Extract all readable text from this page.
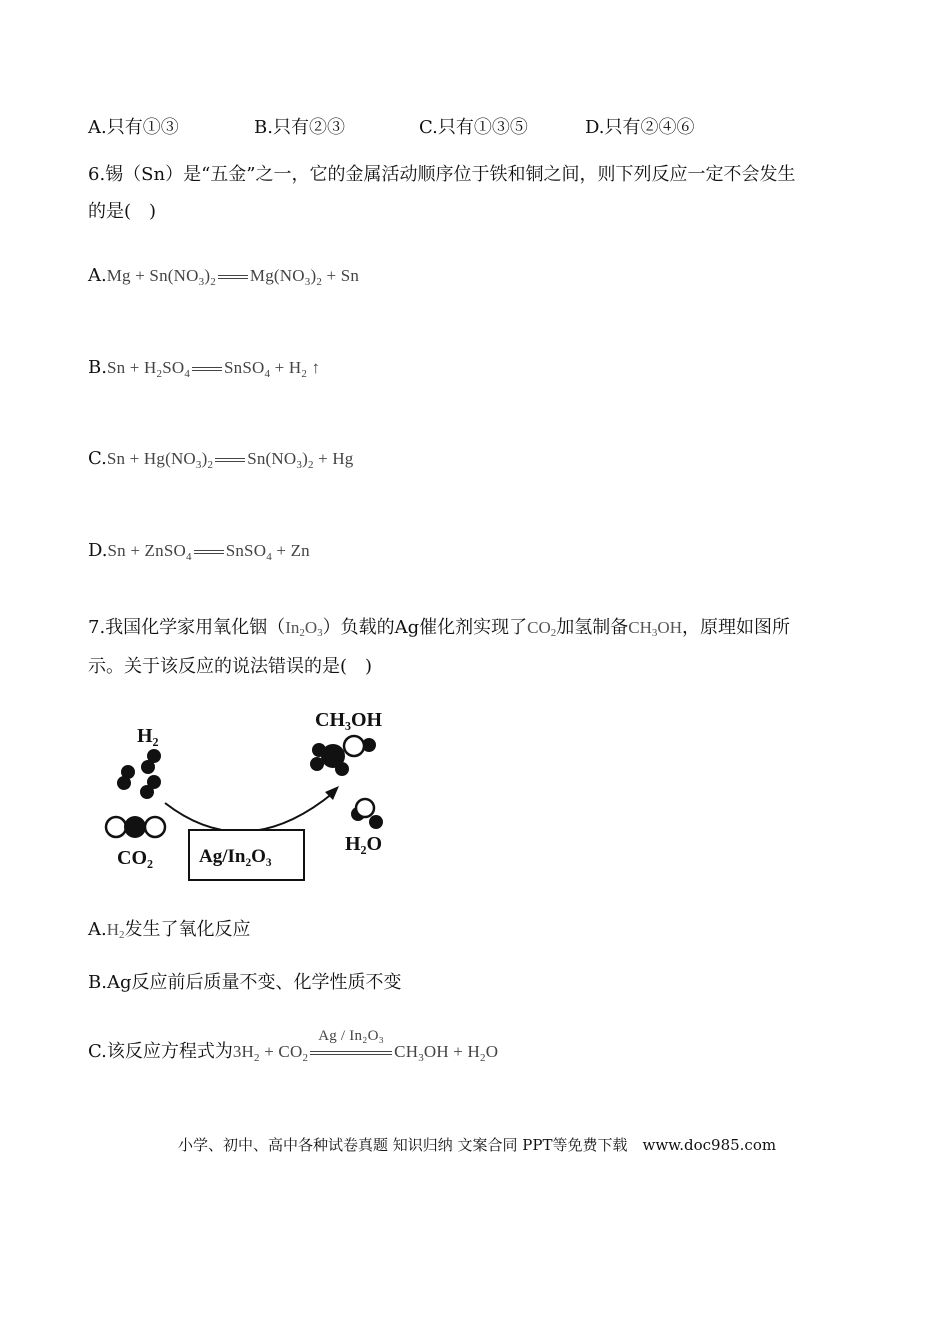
A.只有①③	B.只有②③	C.只有①③⑤	D.只有②④⑥
6.锡（Sn）是“五金”之一，它的金属活动顺序位于铁和铜之间，则下列反应一定不会发生
的是(　)
$A.Mg + Sn(NO_3)_2$ $Mg(NO_3)_2 + Sn$
$B.Sn + H_2SO_4$ SnSO$_4$ + $H_2$ ↑
$C.Sn + Hg(NO_3)_2$ $Sn(NO_3)_2 + Hg$
D.Sn + ZnSO$_4$ SnSO$_4$ + Zn
7.我国化学家用氧化铟$(In_2O_3)$负载的Ag催化剂实现了$CO_2$加氢制备$CH_3OH$，原理如图所
示。关于该反应的说法错误的是(　)
H₂
CO₂ Ag/In₂O₃
CH₃OH
H₂O
$A.H_2$发生了氧化反应
B.Ag反应前后质量不变、化学性质不变
C.该反应方程式为$3H_2 + CO_2$
Ag / In₂O₃
$CH_3OH + H_2O$
小学、初中、高中各种试卷真题 知识归纳 文案合同 PPT等免费下载　www.doc985.com
